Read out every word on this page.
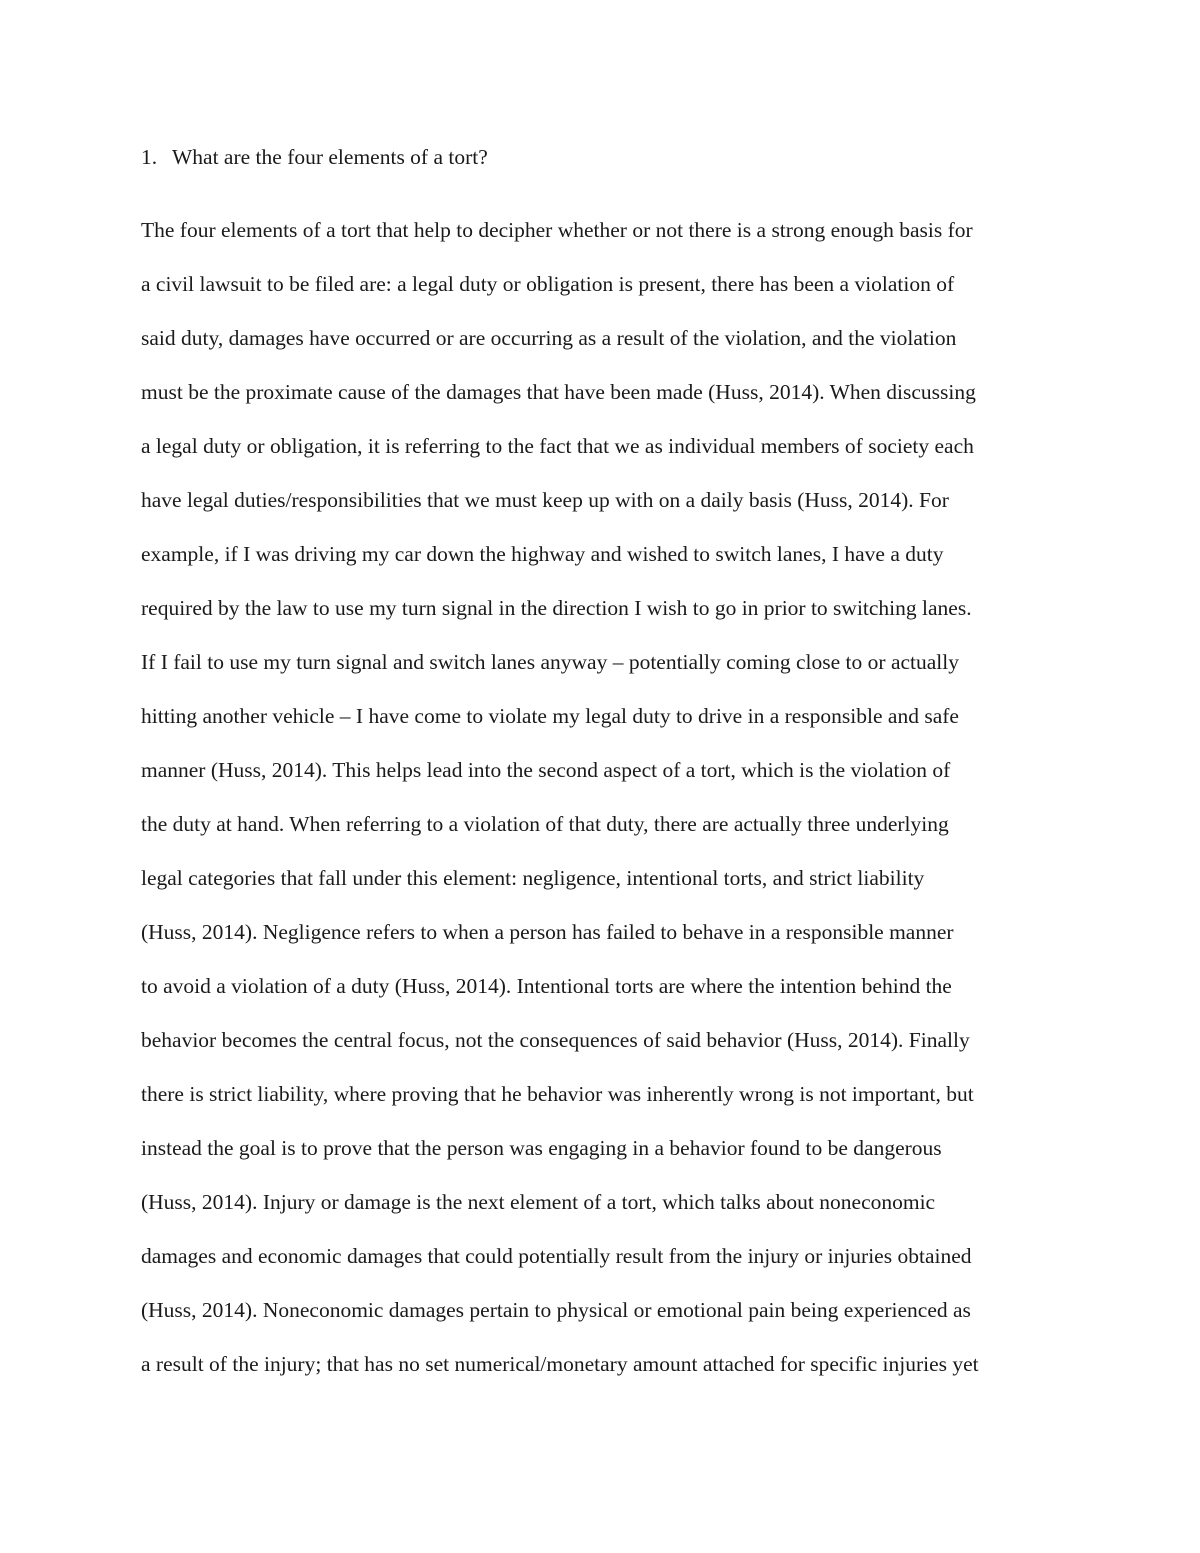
1. What are the four elements of a tort?
The four elements of a tort that help to decipher whether or not there is a strong enough basis for
a civil lawsuit to be filed are: a legal duty or obligation is present, there has been a violation of
said duty, damages have occurred or are occurring as a result of the violation, and the violation
must be the proximate cause of the damages that have been made (Huss, 2014). When discussing
a legal duty or obligation, it is referring to the fact that we as individual members of society each
have legal duties/responsibilities that we must keep up with on a daily basis (Huss, 2014). For
example, if I was driving my car down the highway and wished to switch lanes, I have a duty
required by the law to use my turn signal in the direction I wish to go in prior to switching lanes.
If I fail to use my turn signal and switch lanes anyway – potentially coming close to or actually
hitting another vehicle – I have come to violate my legal duty to drive in a responsible and safe
manner (Huss, 2014). This helps lead into the second aspect of a tort, which is the violation of
the duty at hand. When referring to a violation of that duty, there are actually three underlying
legal categories that fall under this element: negligence, intentional torts, and strict liability
(Huss, 2014). Negligence refers to when a person has failed to behave in a responsible manner
to avoid a violation of a duty (Huss, 2014). Intentional torts are where the intention behind the
behavior becomes the central focus, not the consequences of said behavior (Huss, 2014). Finally
there is strict liability, where proving that he behavior was inherently wrong is not important, but
instead the goal is to prove that the person was engaging in a behavior found to be dangerous
(Huss, 2014). Injury or damage is the next element of a tort, which talks about noneconomic
damages and economic damages that could potentially result from the injury or injuries obtained
(Huss, 2014). Noneconomic damages pertain to physical or emotional pain being experienced as
a result of the injury; that has no set numerical/monetary amount attached for specific injuries yet
